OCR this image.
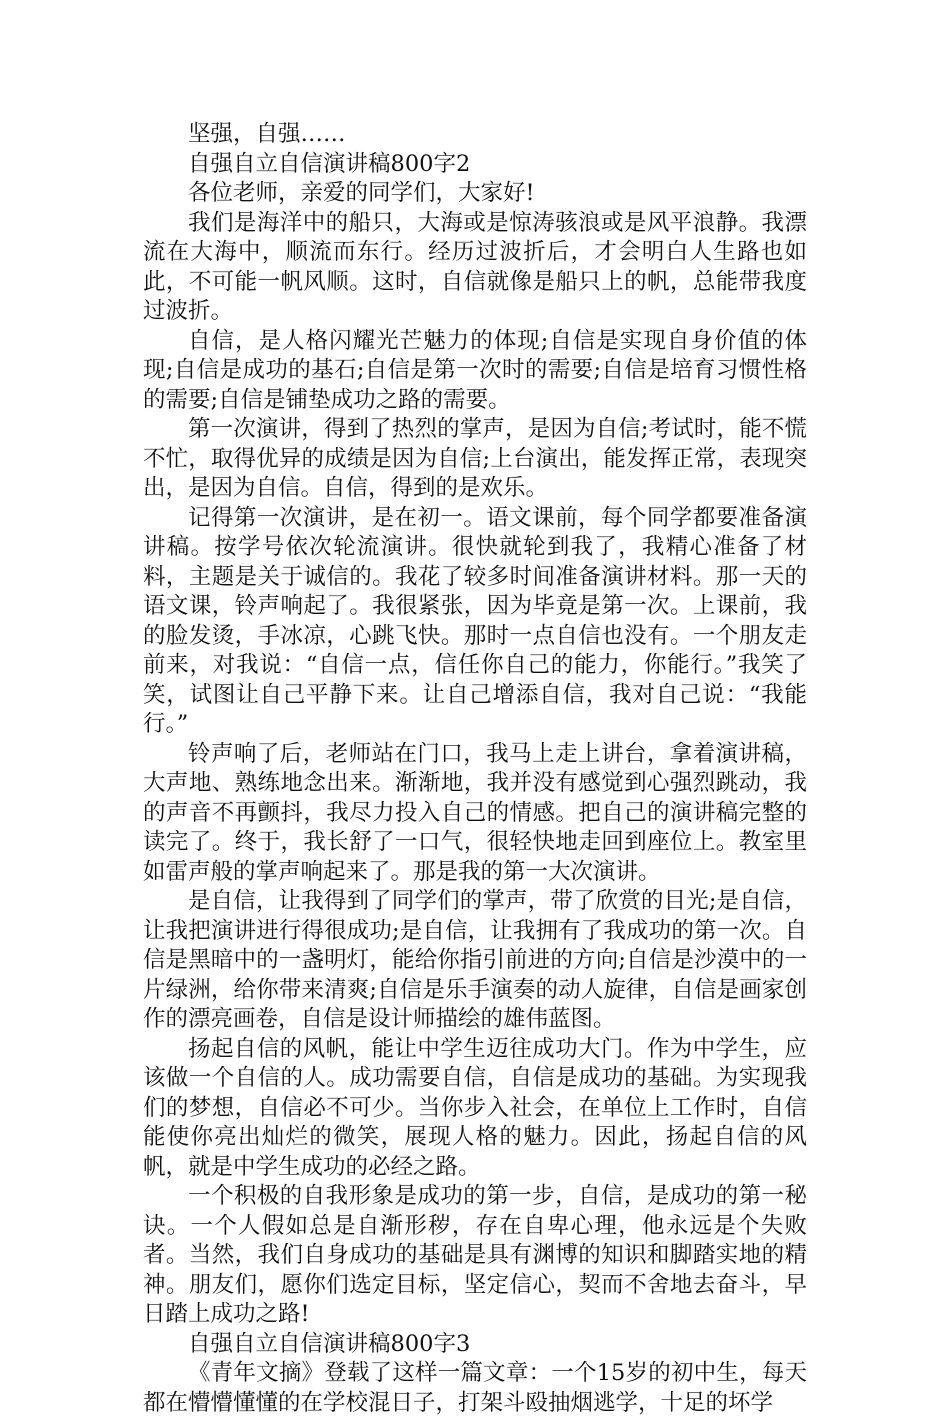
坚强，自强……

自强自立自信演讲稿800字2

各位老师，亲爱的同学们，大家好!

我们是海洋中的船只，大海或是惊涛骇浪或是风平浪静。我漂流在大海中，顺流而东行。经历过波折后，才会明白人生路也如此，不可能一帆风顺。这时，自信就像是船只上的帆，总能带我度过波折。

自信，是人格闪耀光芒魅力的体现;自信是实现自身价值的体现;自信是成功的基石;自信是第一次时的需要;自信是培育习惯性格的需要;自信是铺垫成功之路的需要。

第一次演讲，得到了热烈的掌声，是因为自信;考试时，能不慌不忙，取得优异的成绩是因为自信;上台演出，能发挥正常，表现突出，是因为自信。自信，得到的是欢乐。

记得第一次演讲，是在初一。语文课前，每个同学都要准备演讲稿。按学号依次轮流演讲。很快就轮到我了，我精心准备了材料，主题是关于诚信的。我花了较多时间准备演讲材料。那一天的语文课，铃声响起了。我很紧张，因为毕竟是第一次。上课前，我的脸发烫，手冰凉，心跳飞快。那时一点自信也没有。一个朋友走前来，对我说：“自信一点，信任你自己的能力，你能行。”我笑了笑，试图让自己平静下来。让自己增添自信，我对自己说：“我能行。”

铃声响了后，老师站在门口，我马上走上讲台，拿着演讲稿，大声地、熟练地念出来。渐渐地，我并没有感觉到心强烈跳动，我的声音不再颤抖，我尽力投入自己的情感。把自己的演讲稿完整的读完了。终于，我长舒了一口气，很轻快地走回到座位上。教室里如雷声般的掌声响起来了。那是我的第一大次演讲。

是自信，让我得到了同学们的掌声，带了欣赏的目光;是自信，让我把演讲进行得很成功;是自信，让我拥有了我成功的第一次。自信是黑暗中的一盏明灯，能给你指引前进的方向;自信是沙漠中的一片绿洲，给你带来清爽;自信是乐手演奏的动人旋律，自信是画家创作的漂亮画卷，自信是设计师描绘的雄伟蓝图。

扬起自信的风帆，能让中学生迈往成功大门。作为中学生，应该做一个自信的人。成功需要自信，自信是成功的基础。为实现我们的梦想，自信必不可少。当你步入社会，在单位上工作时，自信能使你亮出灿烂的微笑，展现人格的魅力。因此，扬起自信的风帆，就是中学生成功的必经之路。

一个积极的自我形象是成功的第一步，自信，是成功的第一秘诀。一个人假如总是自渐形秽，存在自卑心理，他永远是个失败者。当然，我们自身成功的基础是具有渊博的知识和脚踏实地的精神。朋友们，愿你们选定目标，坚定信心，契而不舍地去奋斗，早日踏上成功之路!

自强自立自信演讲稿800字3

《青年文摘》登载了这样一篇文章：一个15岁的初中生，每天都在懵懵懂懂的在学校混日子，打架斗殴抽烟逃学，十足的坏学
